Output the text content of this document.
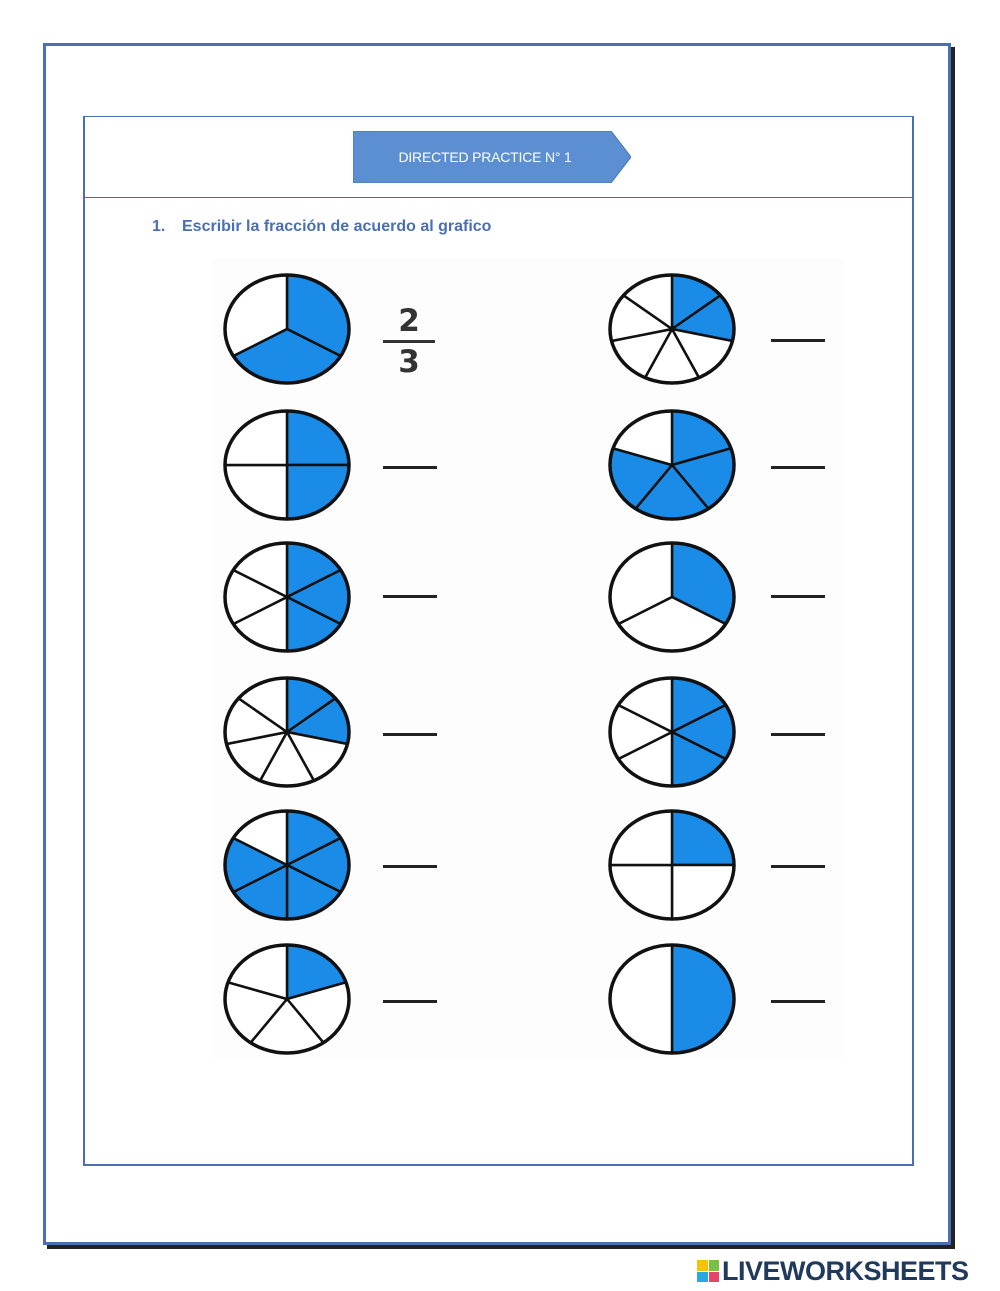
DIRECTED PRACTICE N° 1
1.	Escribir la fracción de acuerdo al grafico
2
3
LIVEWORKSHEETS
